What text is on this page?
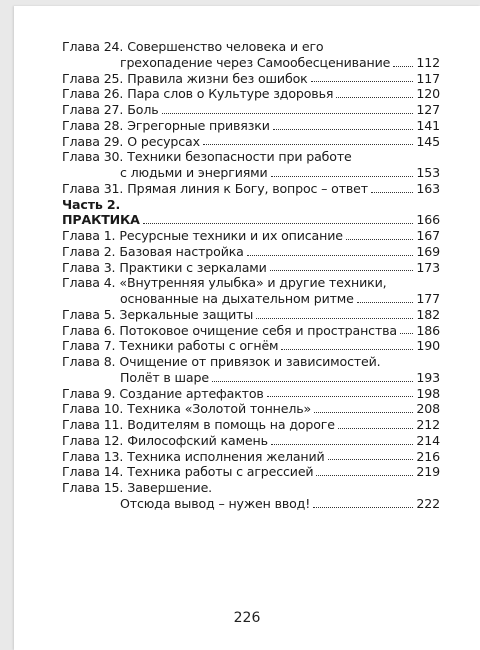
Глава 24. Совершенство человека и его
грехопадение через Самообесценивание 112
Глава 25. Правила жизни без ошибок	117
Глава 26. Пара слов о Культуре здоровья	120
Глава 27. Боль	127
Глава 28. Эгрегорные привязки	141
Глава 29. О ресурсах	145
Глава 30. Техники безопасности при работе
с людьми и энергиями	153
Глава 31. Прямая линия к Богу, вопрос – ответ	163
Часть 2.
ПРАКТИКА	166
Глава 1. Ресурсные техники и их описание	167
Глава 2. Базовая настройка	169
Глава 3. Практики с зеркалами	173
Глава 4. «Внутренняя улыбка» и другие техники,
основанные на дыхательном ритме	177
Глава 5. Зеркальные защиты	182
Глава 6. Потоковое очищение себя и пространства 186
Глава 7. Техники работы с огнём	190
Глава 8. Очищение от привязок и зависимостей.
Полёт в шаре	193
Глава 9. Создание артефактов	198
Глава 10. Техника «Золотой тоннель»	208
Глава 11. Водителям в помощь на дороге	212
Глава 12. Философский камень	214
Глава 13. Техника исполнения желаний	216
Глава 14. Техника работы с агрессией	219
Глава 15. Завершение.
Отсюда вывод – нужен ввод!	222
226
